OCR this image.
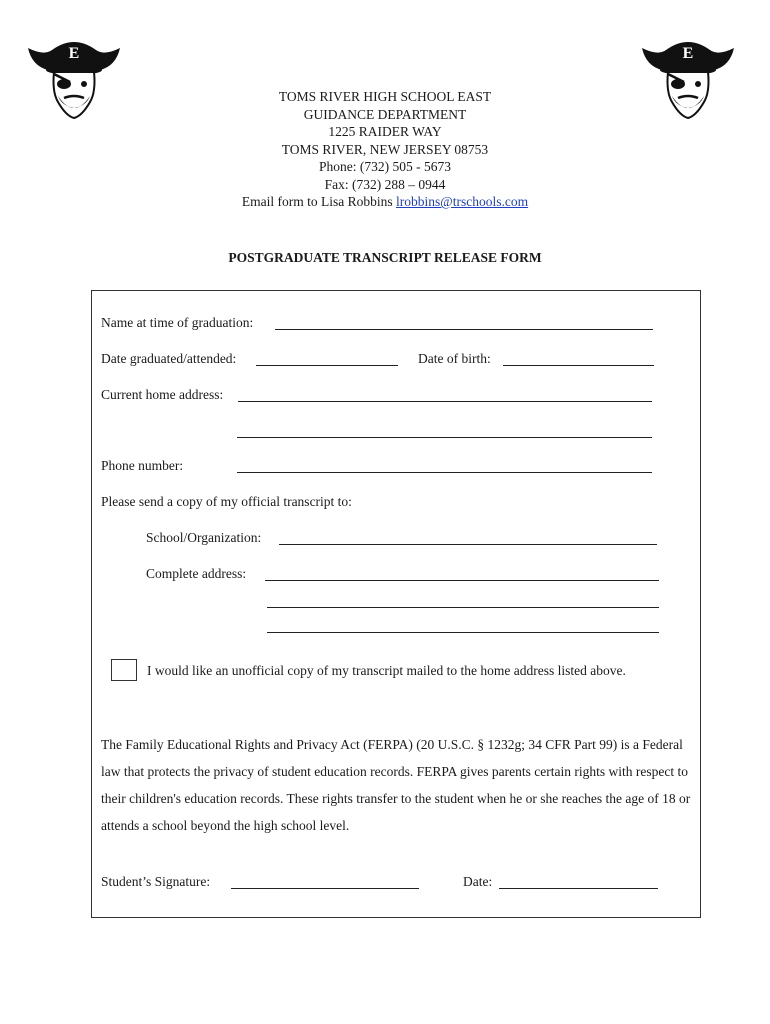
E	E
TOMS RIVER HIGH SCHOOL EAST
GUIDANCE DEPARTMENT
1225 RAIDER WAY
TOMS RIVER, NEW JERSEY 08753
Phone: (732) 505 - 5673
Fax: (732) 288 – 0944
Email form to Lisa Robbins lrobbins@trschools.com
POSTGRADUATE TRANSCRIPT RELEASE FORM
Name at time of graduation:
Date graduated/attended:	Date of birth:
Current home address:
Phone number:
Please send a copy of my official transcript to:
School/Organization:
Complete address:
I would like an unofficial copy of my transcript mailed to the home address listed above.
The Family Educational Rights and Privacy Act (FERPA) (20 U.S.C. § 1232g; 34 CFR Part 99) is a Federal law that protects the privacy of student education records. FERPA gives parents certain rights with respect to their children's education records. These rights transfer to the student when he or she reaches the age of 18 or attends a school beyond the high school level.
Student’s Signature:	Date:
